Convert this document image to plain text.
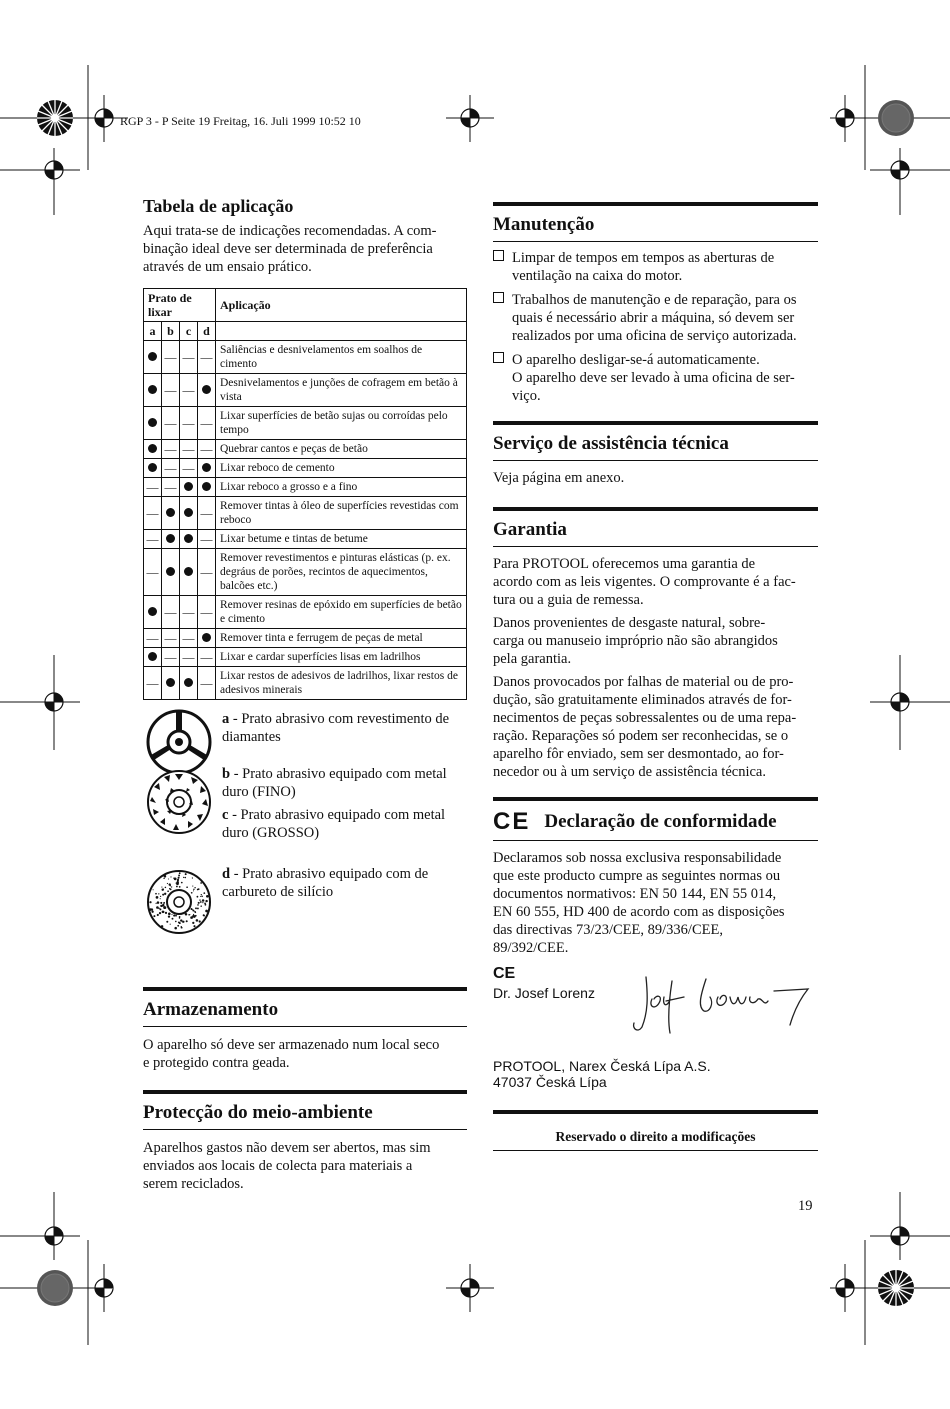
RGP 3 - P Seite 19 Freitag, 16. Juli 1999 10:52 10
Tabela de aplicação
Aqui trata-se de indicações recomendadas. A com-
binação ideal deve ser determinada de preferência
através de um ensaio prático.
Prato de lixar				Aplicação
a	b	c	d	
	—	—	—	Saliências e desnivelamentos em soalhos de cimento
	—	—		Desnivelamentos e junções de cofragem em betão à vista
	—	—	—	Lixar superfícies de betão sujas ou corroídas pelo tempo
	—	—	—	Quebrar cantos e peças de betão
	—	—		Lixar reboco de cemento
—	—			Lixar reboco a grosso e a fino
—			—	Remover tintas à óleo de superfícies revestidas com reboco
—			—	Lixar betume e tintas de betume
—			—	Remover revestimentos e pinturas elásticas (p. ex. degráus de porões, recintos de aquecimentos, balcões etc.)
	—	—	—	Remover resinas de epóxido em superfícies de betão e cimento
—	—	—		Remover tinta e ferrugem de peças de metal
	—	—	—	Lixar e cardar superfícies lisas em ladrilhos
—			—	Lixar restos de adesivos de ladrilhos, lixar restos de adesivos minerais
a - Prato abrasivo com revestimento de diamantes
b - Prato abrasivo equipado com metal duro (FINO)
c - Prato abrasivo equipado com metal duro (GROSSO)
d - Prato abrasivo equipado com de carbureto de silício
Armazenamento
O aparelho só deve ser armazenado num local seco
e protegido contra geada.
Protecção do meio-ambiente
Aparelhos gastos não devem ser abertos, mas sim
enviados aos locais de colecta para materiais a
serem reciclados.
Manutenção
Limpar de tempos em tempos as aberturas de
ventilação na caixa do motor.
Trabalhos de manutenção e de reparação, para os
quais é necessário abrir a máquina, só devem ser
realizados por uma oficina de serviço autorizada.
O aparelho desligar-se-á automaticamente.
O aparelho deve ser levado à uma oficina de ser-
viço.
Serviço de assistência técnica
Veja página em anexo.
Garantia
Para PROTOOL oferecemos uma garantia de
acordo com as leis vigentes. O comprovante é a fac-
tura ou a guia de remessa.
Danos provenientes de desgaste natural, sobre-
carga ou manuseio impróprio não são abrangidos
pela garantia.
Danos provocados por falhas de material ou de pro-
dução, são gratuitamente eliminados através de for-
necimentos de peças sobressalentes ou de uma repa-
ração. Reparações só podem ser reconhecidas, se o
aparelho fôr enviado, sem ser desmontado, ao for-
necedor ou à um serviço de assistência técnica.
CE Declaração de conformidade
Declaramos sob nossa exclusiva responsabilidade
que este producto cumpre as seguintes normas ou
documentos normativos: EN 50 144, EN 55 014,
EN 60 555, HD 400 de acordo com as disposições
das directivas 73/23/CEE, 89/336/CEE,
89/392/CEE.
CE
Dr. Josef Lorenz
PROTOOL, Narex Česká Lípa A.S.
47037 Česká Lípa
Reservado o direito a modificações
19
